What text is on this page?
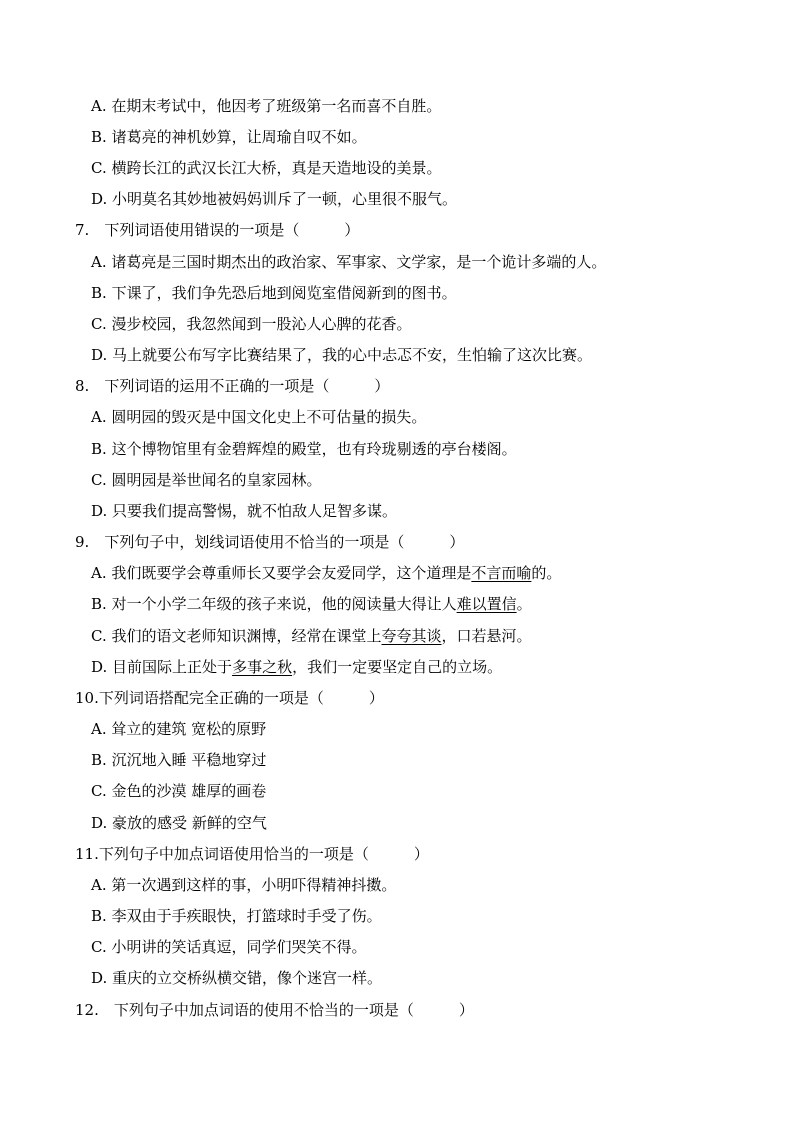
A. 在期末考试中，他因考了班级第一名而喜不自胜。
B. 诸葛亮的神机妙算，让周瑜自叹不如。
C. 横跨长江的武汉长江大桥，真是天造地设的美景。
D. 小明莫名其妙地被妈妈训斥了一顿，心里很不服气。
7.　 下列词语使用错误的一项是（　　　）
A. 诸葛亮是三国时期杰出的政治家、军事家、文学家，是一个诡计多端的人。
B. 下课了，我们争先恐后地到阅览室借阅新到的图书。
C. 漫步校园，我忽然闻到一股沁人心脾的花香。
D. 马上就要公布写字比赛结果了，我的心中忐忑不安，生怕输了这次比赛。
8.　 下列词语的运用不正确的一项是（　　　）
A. 圆明园的毁灭是中国文化史上不可估量的损失。
B. 这个博物馆里有金碧辉煌的殿堂，也有玲珑剔透的亭台楼阁。
C. 圆明园是举世闻名的皇家园林。
D. 只要我们提高警惕，就不怕敌人足智多谋。
9.　 下列句子中，划线词语使用不恰当的一项是（　　　）
A. 我们既要学会尊重师长又要学会友爱同学，这个道理是不言而喻的。
B. 对一个小学二年级的孩子来说，他的阅读量大得让人难以置信。
C. 我们的语文老师知识渊博，经常在课堂上夸夸其谈，口若悬河。
D. 目前国际上正处于多事之秋，我们一定要坚定自己的立场。
10.下列词语搭配完全正确的一项是（　　　）
A. 耸立的建筑 宽松的原野
B. 沉沉地入睡 平稳地穿过
C. 金色的沙漠 雄厚的画卷
D. 豪放的感受 新鲜的空气
11.下列句子中加点词语使用恰当的一项是（　　　）
A. 第一次遇到这样的事，小明吓得精神抖擞。
B. 李双由于手疾眼快，打篮球时手受了伤。
C. 小明讲的笑话真逗，同学们哭笑不得。
D. 重庆的立交桥纵横交错，像个迷宫一样。
12.　 下列句子中加点词语的使用不恰当的一项是（　　　）
